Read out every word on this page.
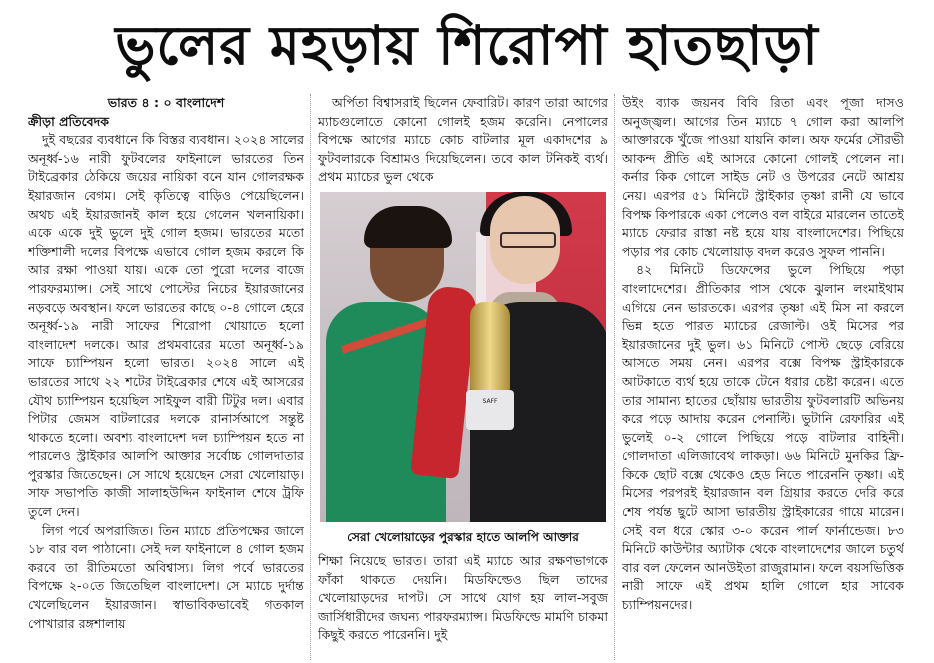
ভুলের মহড়ায় শিরোপা হাতছাড়া
ভারত ৪ : ০ বাংলাদেশ

ক্রীড়া প্রতিবেদক

দুই বছরের ব্যবধানে কি বিস্তর ব্যবধান। ২০২৪ সালের অনূর্ধ্ব-১৬ নারী ফুটবলের ফাইনালে ভারতের তিন টাইব্রেকার ঠেকিয়ে জয়ের নায়িকা বনে যান গোলরক্ষক ইয়ারজান বেগম। সেই কৃতিত্বে বাড়িও পেয়েছিলেন। অথচ এই ইয়ারজানই কাল হয়ে গেলেন খলনায়িকা। একে একে দুই ভুলে দুই গোল হজম। ভারতের মতো শক্তিশালী দলের বিপক্ষে এভাবে গোল হজম করলে কি আর রক্ষা পাওয়া যায়। একে তো পুরো দলের বাজে পারফরম্যান্স। সেই সাথে পোস্টের নিচের ইয়ারজানের নড়বড়ে অবস্থান। ফলে ভারতের কাছে ০-৪ গোলে হেরে অনূর্ধ্ব-১৯ নারী সাফের শিরোপা খোয়াতে হলো বাংলাদেশ দলকে। আর প্রথমবারের মতো অনূর্ধ্ব-১৯ সাফে চ্যাম্পিয়ন হলো ভারত। ২০২৪ সালে এই ভারতের সাথে ২২ শটের টাইব্রেকার শেষে এই আসরের যৌথ চ্যাম্পিয়ন হয়েছিল সাইফুল বারী টিটুর দল। এবার পিটার জেমস বাটলারের দলকে রানার্সআপে সন্তুষ্ট থাকতে হলো। অবশ্য বাংলাদেশ দল চ্যাম্পিয়ন হতে না পারলেও স্ট্রাইকার আলপি আক্তার সর্বোচ্চ গোলদাতার পুরস্কার জিতেছেন। সে সাথে হয়েছেন সেরা খেলোয়াড়। সাফ সভাপতি কাজী সালাহউদ্দিন ফাইনাল শেষে ট্রফি তুলে দেন।

লিগ পর্বে অপরাজিত। তিন ম্যাচে প্রতিপক্ষের জালে ১৮ বার বল পাঠানো। সেই দল ফাইনালে ৪ গোল হজম করবে তা রীতিমতো অবিশ্বাস্য। লিগ পর্বে ভারতের বিপক্ষে ২-০তে জিতেছিল বাংলাদেশ। সে ম্যাচে দুর্দান্ত খেলেছিলেন ইয়ারজান। স্বাভাবিকভাবেই গতকাল পোখারার রঙ্গশালায়

অর্পিতা বিশ্বাসরাই ছিলেন ফেবারিট। কারণ তারা আগের ম্যাচগুলোতে কোনো গোলই হজম করেনি। নেপালের বিপক্ষে আগের ম্যাচে কোচ বাটলার মূল একাদশের ৯ ফুটবলারকে বিশ্রামও দিয়েছিলেন। তবে কাল টনিকই ব্যর্থ। প্রথম ম্যাচের ভুল থেকে

SAFF
সেরা খেলোয়াড়ের পুরস্কার হাতে আলপি আক্তার

শিক্ষা নিয়েছে ভারত। তারা এই ম্যাচে আর রক্ষণভাগকে ফাঁকা থাকতে দেয়নি। মিডফিল্ডেও ছিল তাদের খেলোয়াড়দের দাপট। সে সাথে যোগ হয় লাল-সবুজ জার্সিধারীদের জঘন্য পারফরম্যান্স। মিডফিল্ডে মামণি চাকমা কিছুই করতে পারেননি। দুই

উইং ব্যাক জয়নব বিবি রিতা এবং পূজা দাসও অনুজ্জ্বল। আগের তিন ম্যাচে ৭ গোল করা আলপি আক্তারকে খুঁজে পাওয়া যায়নি কাল। অফ ফর্মের সৌরভী আকন্দ প্রীতি এই আসরে কোনো গোলই পেলেন না। কর্নার কিক গোলে সাইড নেট ও উপরের নেটে আশ্রয় নেয়। এরপর ৫১ মিনিটে স্ট্রাইকার তৃষ্ণা রানী যে ভাবে বিপক্ষ কিপারকে একা পেলেও বল বাইরে মারলেন তাতেই ম্যাচে ফেরার রাস্তা নষ্ট হয়ে যায় বাংলাদেশের। পিছিয়ে পড়ার পর কোচ খেলোয়াড় বদল করেও সুফল পাননি।

৪২ মিনিটে ডিফেন্সের ভুলে পিছিয়ে পড়া বাংলাদেশের। প্রীতিকার পাস থেকে ঝুলান লংমাইথাম এগিয়ে নেন ভারতকে। এরপর তৃষ্ণা এই মিস না করলে ভিন্ন হতে পারত ম্যাচের রেজাল্ট। ওই মিসের পর ইয়ারজানের দুই ভুল। ৬১ মিনিটে পোস্ট ছেড়ে বেরিয়ে আসতে সময় নেন। এরপর বক্সে বিপক্ষ স্ট্রাইকারকে আটকাতে ব্যর্থ হয়ে তাকে টেনে ধরার চেষ্টা করেন। এতে তার সামান্য হাতের ছোঁয়ায় ভারতীয় ফুটবলারটি অভিনয় করে পড়ে আদায় করেন পেনাল্টি। ভুটানি রেফারির এই ভুলেই ০-২ গোলে পিছিয়ে পড়ে বাটলার বাহিনী। গোলদাতা এলিজাবেথ লাকড়া। ৬৬ মিনিটে মুনকির ফ্রি-কিকে ছোট বক্সে থেকেও হেড নিতে পারেননি তৃষ্ণা। এই মিসের পরপরই ইয়ারজান বল গ্রিয়ার করতে দেরি করে শেষ পর্যন্ত ছুটে আসা ভারতীয় স্ট্রাইকারের গায়ে মারেন। সেই বল ধরে স্কোর ৩-০ করেন পার্ল ফার্নান্ডেজ। ৮৩ মিনিটে কাউন্টার অ্যাটাক থেকে বাংলাদেশের জালে চতুর্থ বার বল ফেলেন আনউইতা রাজুরামান। ফলে বয়সভিত্তিক নারী সাফে এই প্রথম হালি গোলে হার সাবেক চ্যাম্পিয়নদের।
